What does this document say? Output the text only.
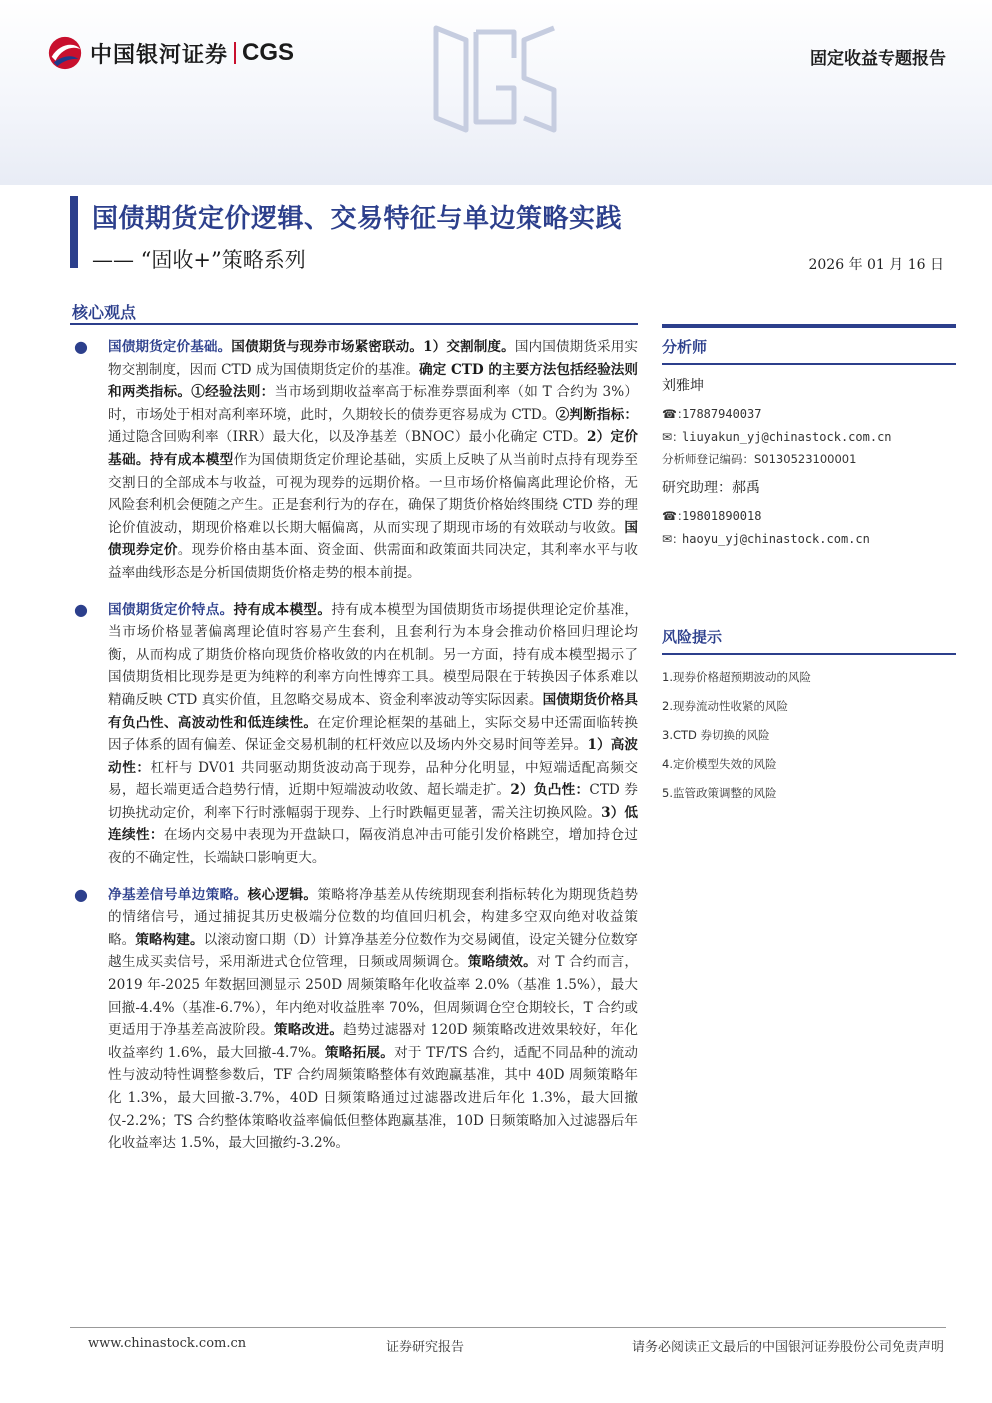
中国银河证券 CGS	固定收益专题报告
国债期货定价逻辑、交易特征与单边策略实践
—— “固收+”策略系列	2026 年 01 月 16 日
核心观点
● 国债期货定价基础。国债期货与现券市场紧密联动。1）交割制度。国内国债期货采用实物交割制度，因而 CTD 成为国债期货定价的基准。确定 CTD 的主要方法包括经验法则和两类指标。①经验法则：当市场到期收益率高于标准券票面利率（如 T 合约为 3%）时，市场处于相对高利率环境，此时，久期较长的债券更容易成为 CTD。②判断指标：通过隐含回购利率（IRR）最大化，以及净基差（BNOC）最小化确定 CTD。2）定价基础。持有成本模型作为国债期货定价理论基础，实质上反映了从当前时点持有现券至交割日的全部成本与收益，可视为现券的远期价格。一旦市场价格偏离此理论价格，无风险套利机会便随之产生。正是套利行为的存在，确保了期货价格始终围绕 CTD 券的理论价值波动，期现价格难以长期大幅偏离，从而实现了期现市场的有效联动与收敛。国债现券定价。现券价格由基本面、资金面、供需面和政策面共同决定，其利率水平与收益率曲线形态是分析国债期货价格走势的根本前提。
● 国债期货定价特点。持有成本模型。持有成本模型为国债期货市场提供理论定价基准，当市场价格显著偏离理论值时容易产生套利，且套利行为本身会推动价格回归理论均衡，从而构成了期货价格向现货价格收敛的内在机制。另一方面，持有成本模型揭示了国债期货相比现券是更为纯粹的利率方向性博弈工具。模型局限在于转换因子体系难以精确反映 CTD 真实价值，且忽略交易成本、资金利率波动等实际因素。国债期货价格具有负凸性、高波动性和低连续性。在定价理论框架的基础上，实际交易中还需面临转换因子体系的固有偏差、保证金交易机制的杠杆效应以及场内外交易时间等差异。1）高波动性：杠杆与 DV01 共同驱动期货波动高于现券，品种分化明显，中短端适配高频交易，超长端更适合趋势行情，近期中短端波动收敛、超长端走扩。2）负凸性：CTD 券切换扰动定价，利率下行时涨幅弱于现券、上行时跌幅更显著，需关注切换风险。3）低连续性：在场内交易中表现为开盘缺口，隔夜消息冲击可能引发价格跳空，增加持仓过夜的不确定性，长端缺口影响更大。
● 净基差信号单边策略。核心逻辑。策略将净基差从传统期现套利指标转化为期现货趋势的情绪信号，通过捕捉其历史极端分位数的均值回归机会，构建多空双向绝对收益策略。策略构建。以滚动窗口期（D）计算净基差分位数作为交易阈值，设定关键分位数穿越生成买卖信号，采用渐进式仓位管理，日频或周频调仓。策略绩效。对 T 合约而言，2019 年-2025 年数据回测显示 250D 周频策略年化收益率 2.0%（基准 1.5%），最大回撤-4.4%（基准-6.7%），年内绝对收益胜率 70%，但周频调仓空仓期较长，T 合约或更适用于净基差高波阶段。策略改进。趋势过滤器对 120D 频策略改进效果较好，年化收益率约 1.6%，最大回撤-4.7%。策略拓展。对于 TF/TS 合约，适配不同品种的流动性与波动特性调整参数后，TF 合约周频策略整体有效跑赢基准，其中 40D 周频策略年化 1.3%，最大回撤-3.7%，40D 日频策略通过过滤器改进后年化 1.3%，最大回撤仅-2.2%；TS 合约整体策略收益率偏低但整体跑赢基准，10D 日频策略加入过滤器后年化收益率达 1.5%，最大回撤约-3.2%。
分析师
刘雅坤
☎：
17887940037
✉：
liuyakun_yj@chinastock.com.cn
分析师登记编码：S0130523100001
研究助理：郝禹
☎：
19801890018
✉：
haoyu_yj@chinastock.com.cn
风险提示
1.现券价格超预期波动的风险
2.现券流动性收紧的风险
3.CTD 券切换的风险
4.定价模型失效的风险
5.监管政策调整的风险
www.chinastock.com.cn	证券研究报告	请务必阅读正文最后的中国银河证券股份公司免责声明
